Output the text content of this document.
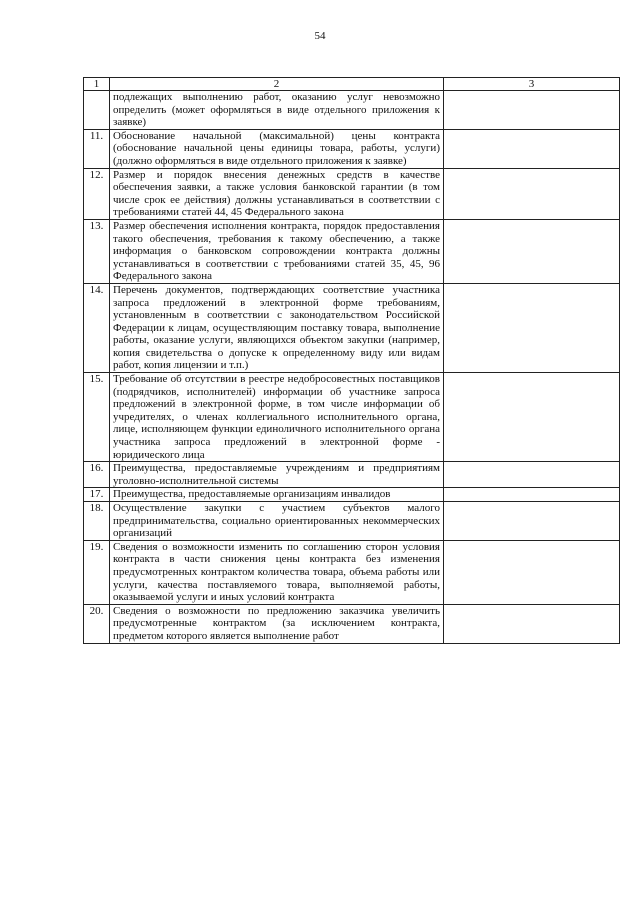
54
1	2	3
	подлежащих выполнению работ, оказанию услуг невозможно определить (может оформляться в виде отдельного приложения к заявке)	
11.	Обоснование начальной (максимальной) цены контракта (обоснование начальной цены единицы товара, работы, услуги) (должно оформляться в виде отдельного приложения к заявке)	
12.	Размер и порядок внесения денежных средств в качестве обеспечения заявки, а также условия банковской гарантии (в том числе срок ее действия) должны устанавливаться в соответствии с требованиями статей 44, 45 Федерального закона	
13.	Размер обеспечения исполнения контракта, порядок предоставления такого обеспечения, требования к такому обеспечению, а также информация о банковском сопровождении контракта должны устанавливаться в соответствии с требованиями статей 35, 45, 96 Федерального закона	
14.	Перечень документов, подтверждающих соответствие участника запроса предложений в электронной форме требованиям, установленным в соответствии с законодательством Российской Федерации к лицам, осуществляющим поставку товара, выполнение работы, оказание услуги, являющихся объектом закупки (например, копия свидетельства о допуске к определенному виду или видам работ, копия лицензии и т.п.)	
15.	Требование об отсутствии в реестре недобросовестных поставщиков (подрядчиков, исполнителей) информации об участнике запроса предложений в электронной форме, в том числе информации об учредителях, о членах коллегиального исполнительного органа, лице, исполняющем функции единоличного исполнительного органа участника запроса предложений в электронной форме - юридического лица	
16.	Преимущества, предоставляемые учреждениям и предприятиям уголовно-исполнительной системы	
17.	Преимущества, предоставляемые организациям инвалидов	
18.	Осуществление закупки с участием субъектов малого предпринимательства, социально ориентированных некоммерческих организаций	
19.	Сведения о возможности изменить по соглашению сторон условия контракта в части снижения цены контракта без изменения предусмотренных контрактом количества товара, объема работы или услуги, качества поставляемого товара, выполняемой работы, оказываемой услуги и иных условий контракта	
20.	Сведения о возможности по предложению заказчика увеличить предусмотренные контрактом (за исключением контракта, предметом которого является выполнение работ	
